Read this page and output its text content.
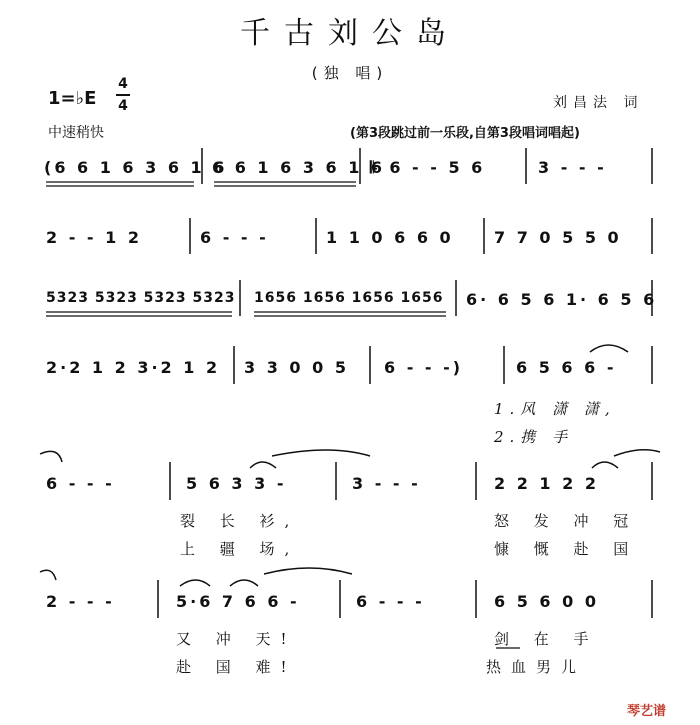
千古刘公岛
(独 唱)
1=♭E
4
4	刘昌法 词
中速稍快	(第3段跳过前一乐段,自第3段唱词唱起)
(6 6 1 6 3 6 1 6
6 6 1 6 3 6 1 6
𝄆 6 - - 5 6	3 - - -
2 - - 1 2	6 - - -	1 1 0 6 6 0	7 7 0 5 5 0
5323 5323 5323 5323 1656 1656 1656 1656 6· 6 5 6 1· 6 5 6
2·2 1 2 3·2 1 2 3 3 0 0 5 6 - - -)	6 5 6 6 -
1.风 潇 潇,
2.携 手
6 - - -	5 6 3 3 -	3 - - -	2 2 1 2 2
裂 长 衫,	怒 发 冲 冠
上 疆 场,	慷 慨 赴 国
2 - - -	5·6 7 6 6 -	6 - - -	6 5 6 0 0
又 冲 天!	剑 在 手
赴 国 难!	热血男儿
琴艺谱
